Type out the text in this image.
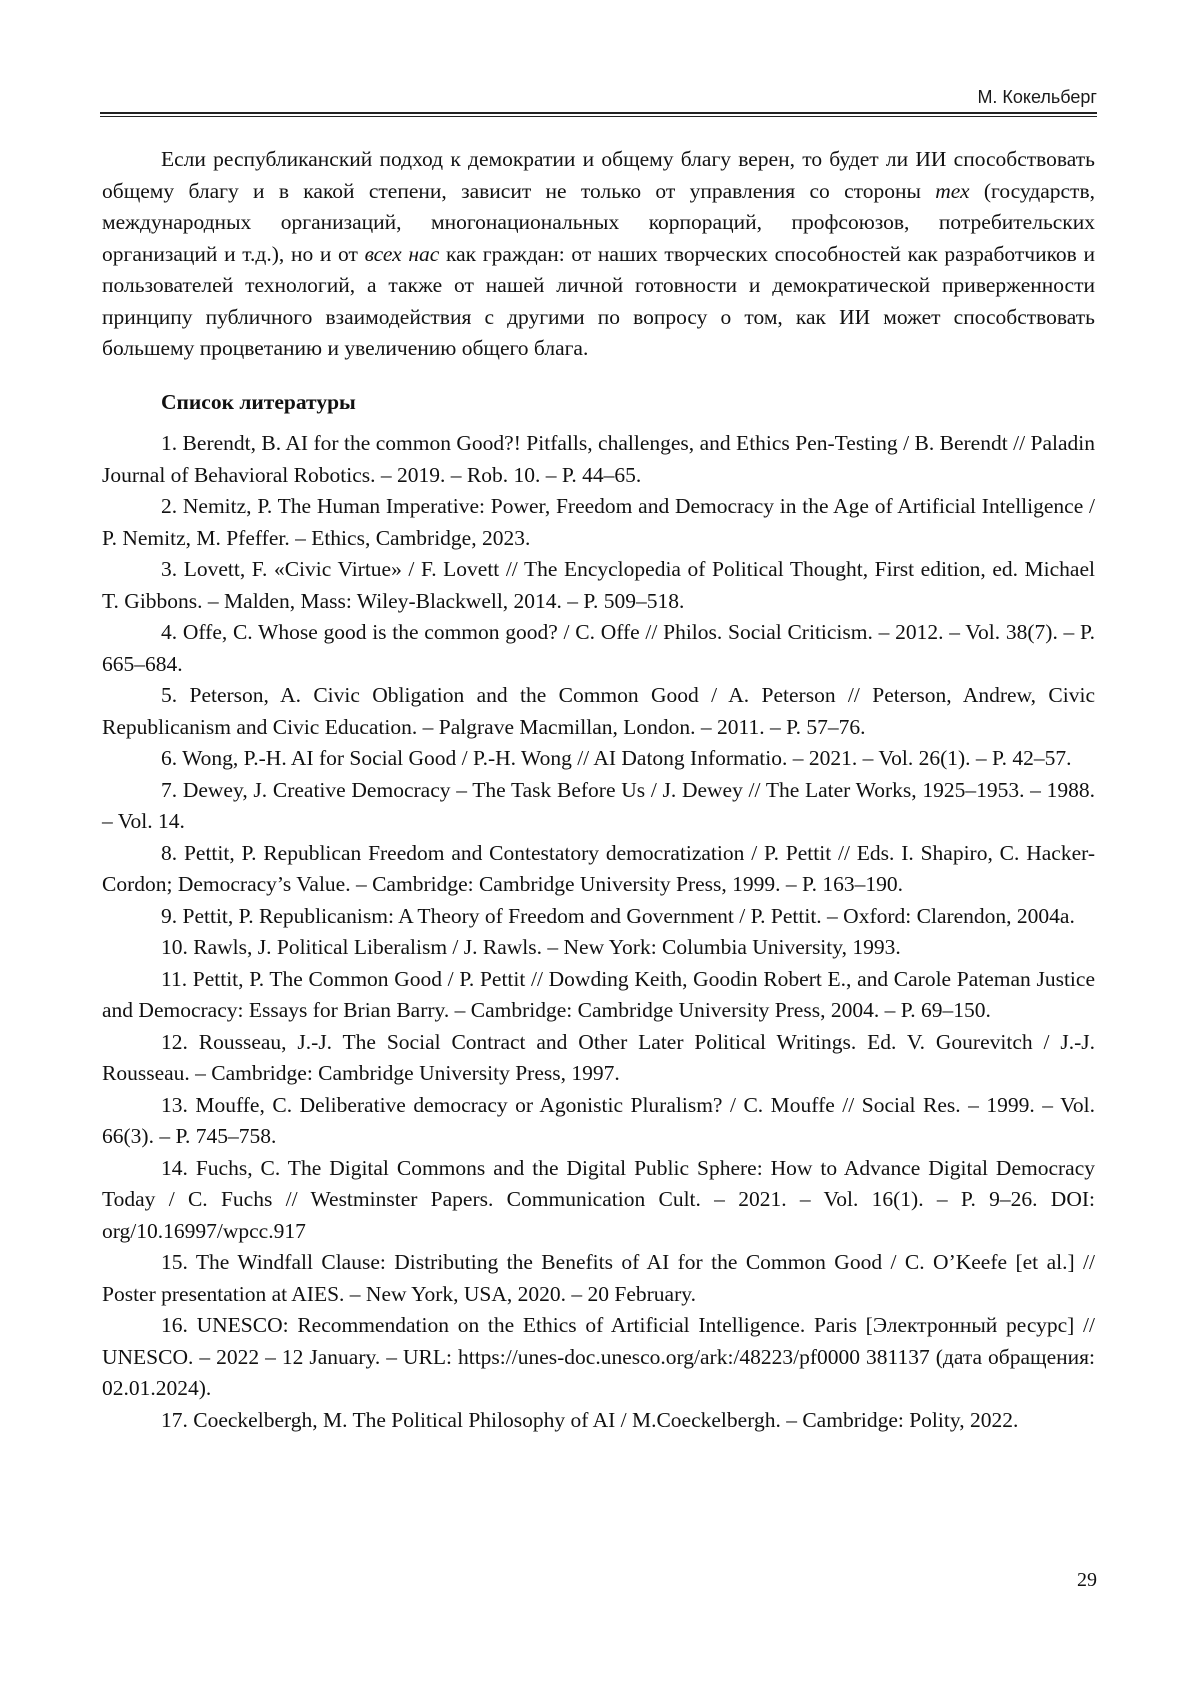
М. Кокельберг

Если республиканский подход к демократии и общему благу верен, то будет ли ИИ способствовать общему благу и в какой степени, зависит не только от управления со стороны тех (государств, международных организаций, многонациональных корпораций, профсоюзов, потребительских организаций и т.д.), но и от всех нас как граждан: от наших творческих способностей как разработчиков и пользователей технологий, а также от нашей личной готовности и демократической приверженности принципу публичного взаимодействия с другими по вопросу о том, как ИИ может способствовать большему процветанию и увеличению общего блага.

Список литературы

1. Berendt, B. AI for the common Good?! Pitfalls, challenges, and Ethics Pen-Testing / B. Berendt // Paladin Journal of Behavioral Robotics. – 2019. – Rob. 10. – P. 44–65.

2. Nemitz, P. The Human Imperative: Power, Freedom and Democracy in the Age of Artificial Intelligence / P. Nemitz, M. Pfeffer. – Ethics, Cambridge, 2023.

3. Lovett, F. «Civic Virtue» / F. Lovett // The Encyclopedia of Political Thought, First edition, ed. Michael T. Gibbons. – Malden, Mass: Wiley-Blackwell, 2014. – P. 509–518.

4. Offe, C. Whose good is the common good? / C. Offe // Philos. Social Criticism. – 2012. – Vol. 38(7). – P. 665–684.

5. Peterson, A. Civic Obligation and the Common Good / A. Peterson // Peterson, Andrew, Civic Republicanism and Civic Education. – Palgrave Macmillan, London. – 2011. – P. 57–76.

6. Wong, P.-H. AI for Social Good / P.-H. Wong // AI Datong Informatio. – 2021. – Vol. 26(1). – P. 42–57.

7. Dewey, J. Creative Democracy – The Task Before Us / J. Dewey // The Later Works, 1925–1953. – 1988. – Vol. 14.

8. Pettit, P. Republican Freedom and Contestatory democratization / P. Pettit // Eds. I. Shapiro, C. Hacker-Cordon; Democracy’s Value. – Cambridge: Cambridge University Press, 1999. – P. 163–190.

9. Pettit, P. Republicanism: A Theory of Freedom and Government / P. Pettit. – Oxford: Clarendon, 2004a.

10. Rawls, J. Political Liberalism / J. Rawls. – New York: Columbia University, 1993.

11. Pettit, P. The Common Good / P. Pettit // Dowding Keith, Goodin Robert E., and Carole Pateman Justice and Democracy: Essays for Brian Barry. – Cambridge: Cambridge University Press, 2004. – P. 69–150.

12. Rousseau, J.-J. The Social Contract and Other Later Political Writings. Ed. V. Gourevitch / J.-J. Rousseau. – Cambridge: Cambridge University Press, 1997.

13. Mouffe, C. Deliberative democracy or Agonistic Pluralism? / C. Mouffe // Social Res. – 1999. – Vol. 66(3). – P. 745–758.

14. Fuchs, C. The Digital Commons and the Digital Public Sphere: How to Advance Digital Democracy Today / C. Fuchs // Westminster Papers. Communication Cult. – 2021. – Vol. 16(1). – P. 9–26. DOI: org/10.16997/wpcc.917

15. The Windfall Clause: Distributing the Benefits of AI for the Common Good / C. O’Keefe [et al.] // Poster presentation at AIES. – New York, USA, 2020. – 20 February.

16. UNESCO: Recommendation on the Ethics of Artificial Intelligence. Paris [Электронный ресурс] // UNESCO. – 2022 – 12 January. – URL: https://unes-doc.unesco.org/ark:/48223/pf0000 381137 (дата обращения: 02.01.2024).

17. Coeckelbergh, M. The Political Philosophy of AI / M.Coeckelbergh. – Cambridge: Polity, 2022.

29
